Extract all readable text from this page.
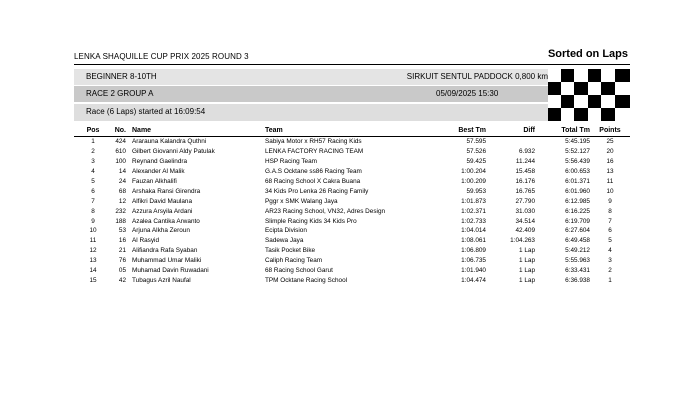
LENKA SHAQUILLE CUP PRIX 2025 ROUND 3	Sorted on Laps
BEGINNER 8-10TH	SIRKUIT SENTUL PADDOCK 0,800 km
RACE 2 GROUP A	05/09/2025 15:30
Race (6 Laps) started at 16:09:54
Pos	No.	Name	Team	Best Tm	Diff	Total Tm	Points
1	424	Ararauna Kalandra Quthni	Sabiya Motor x RH57 Racing Kids	57.595		5:45.195	25
2	610	Gilbert Giovanni Aldy Patulak	LENKA FACTORY RACING TEAM	57.526	6.932	5:52.127	20
3	100	Reynand Gaelindra	HSP Racing Team	59.425	11.244	5:56.439	16
4	14	Alexander Al Malik	G.A.S Ocktane ss86 Racing Team	1:00.204	15.458	6:00.653	13
5	24	Fauzan Alkhalifi	68 Racing School X Cakra Buana	1:00.209	16.176	6:01.371	11
6	68	Arshaka Ransi Girendra	34 Kids Pro Lenka 26 Racing Family	59.953	16.765	6:01.960	10
7	12	Alfikri David Maulana	Pggr x SMK Walang Jaya	1:01.873	27.790	6:12.985	9
8	232	Azzura Arsyila Ardani	AR23 Racing School, VN32, Adres Design	1:02.371	31.030	6:16.225	8
9	188	Azalea Cantika Arwanto	Slimple Racing Kids 34 Kids Pro	1:02.733	34.514	6:19.709	7
10	53	Arjuna Alkha Zeroun	Ecipta Division	1:04.014	42.409	6:27.604	6
11	16	Al Rasyid	Sadewa Jaya	1:08.061	1:04.263	6:49.458	5
12	21	Alifiandra Rafa Syaban	Tasik Pocket Bike	1:06.809	1 Lap	5:49.212	4
13	76	Muhammad Umar Maliki	Caliph Racing Team	1:06.735	1 Lap	5:55.963	3
14	05	Muhamad Davin Ruwadani	68 Racing School Garut	1:01.940	1 Lap	6:33.431	2
15	42	Tubagus Azril Naufal	TPM Ocktane Racing School	1:04.474	1 Lap	6:36.938	1
